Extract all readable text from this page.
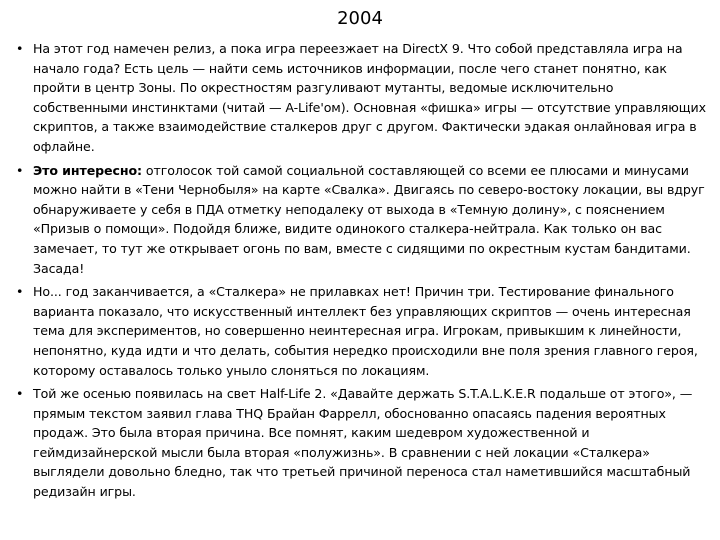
2004
• На этот год намечен релиз, а пока игра переезжает на DirectX 9. Что собой представляла игра на начало года? Есть цель — найти семь источников информации, после чего станет понятно, как пройти в центр Зоны. По окрестностям разгуливают мутанты, ведомые исключительно собственными инстинктами (читай — A-Life'ом). Основная «фишка» игры — отсутствие управляющих скриптов, а также взаимодействие сталкеров друг с другом. Фактически эдакая онлайновая игра в офлайне.
• Это интересно: отголосок той самой социальной составляющей со всеми ее плюсами и минусами можно найти в «Тени Чернобыля» на карте «Свалка». Двигаясь по северо-востоку локации, вы вдруг обнаруживаете у себя в ПДА отметку неподалеку от выхода в «Темную долину», с пояснением «Призыв о помощи». Подойдя ближе, видите одинокого сталкера-нейтрала. Как только он вас замечает, то тут же открывает огонь по вам, вместе с сидящими по окрестным кустам бандитами. Засада!
• Но... год заканчивается, а «Сталкера» не прилавках нет! Причин три. Тестирование финального варианта показало, что искусственный интеллект без управляющих скриптов — очень интересная тема для экспериментов, но совершенно неинтересная игра. Игрокам, привыкшим к линейности, непонятно, куда идти и что делать, события нередко происходили вне поля зрения главного героя, которому оставалось только уныло слоняться по локациям.
• Той же осенью появилась на свет Half-Life 2. «Давайте держать S.T.A.L.K.E.R подальше от этого», — прямым текстом заявил глава THQ Брайан Фаррелл, обоснованно опасаясь падения вероятных продаж. Это была вторая причина. Все помнят, каким шедевром художественной и геймдизайнерской мысли была вторая «полужизнь». В сравнении с ней локации «Сталкера» выглядели довольно бледно, так что третьей причиной переноса стал наметившийся масштабный редизайн игры.
